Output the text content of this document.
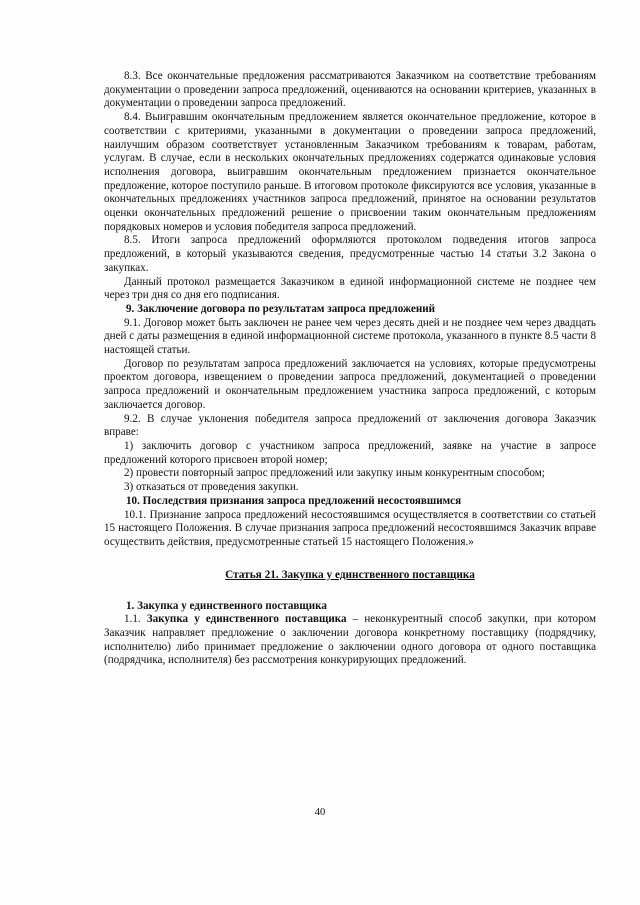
8.3. Все окончательные предложения рассматриваются Заказчиком на соответствие требованиям документации о проведении запроса предложений, оцениваются на основании критериев, указанных в документации о проведении запроса предложений.

8.4. Выигравшим окончательным предложением является окончательное предложение, которое в соответствии с критериями, указанными в документации о проведении запроса предложений, наилучшим образом соответствует установленным Заказчиком требованиям к товарам, работам, услугам. В случае, если в нескольких окончательных предложениях содержатся одинаковые условия исполнения договора, выигравшим окончательным предложением признается окончательное предложение, которое поступило раньше. В итоговом протоколе фиксируются все условия, указанные в окончательных предложениях участников запроса предложений, принятое на основании результатов оценки окончательных предложений решение о присвоении таким окончательным предложениям порядковых номеров и условия победителя запроса предложений.

8.5. Итоги запроса предложений оформляются протоколом подведения итогов запроса предложений, в который указываются сведения, предусмотренные частью 14 статьи 3.2 Закона о закупках.

Данный протокол размещается Заказчиком в единой информационной системе не позднее чем через три дня со дня его подписания.

9. Заключение договора по результатам запроса предложений

9.1. Договор может быть заключен не ранее чем через десять дней и не позднее чем через двадцать дней с даты размещения в единой информационной системе протокола, указанного в пункте 8.5 части 8 настоящей статьи.

Договор по результатам запроса предложений заключается на условиях, которые предусмотрены проектом договора, извещением о проведении запроса предложений, документацией о проведении запроса предложений и окончательным предложением участника запроса предложений, с которым заключается договор.

9.2. В случае уклонения победителя запроса предложений от заключения договора Заказчик вправе:

1) заключить договор с участником запроса предложений, заявке на участие в запросе предложений которого присвоен второй номер;

2) провести повторный запрос предложений или закупку иным конкурентным способом;

3) отказаться от проведения закупки.

10. Последствия признания запроса предложений несостоявшимся

10.1. Признание запроса предложений несостоявшимся осуществляется в соответствии со статьей 15 настоящего Положения. В случае признания запроса предложений несостоявшимся Заказчик вправе осуществить действия, предусмотренные статьей 15 настоящего Положения.»

Статья 21. Закупка у единственного поставщика
1. Закупка у единственного поставщика

1.1. Закупка у единственного поставщика – неконкурентный способ закупки, при котором Заказчик направляет предложение о заключении договора конкретному поставщику (подрядчику, исполнителю) либо принимает предложение о заключении одного договора от одного поставщика (подрядчика, исполнителя) без рассмотрения конкурирующих предложений.

40
